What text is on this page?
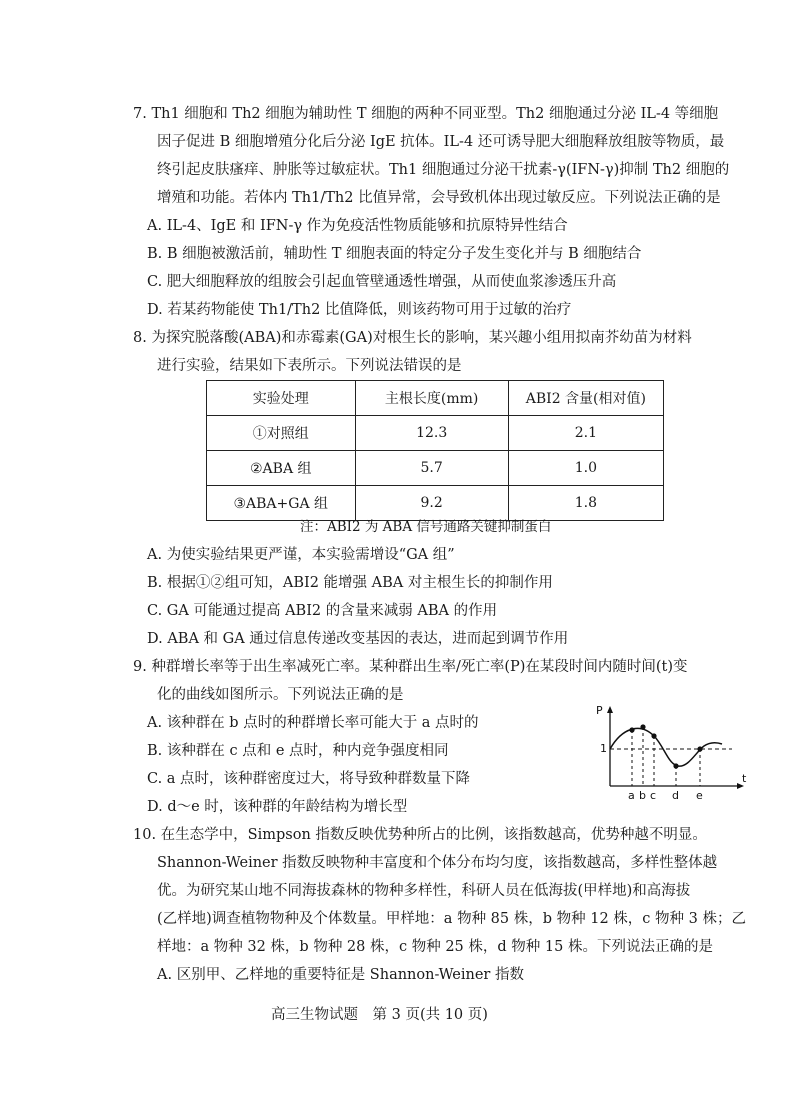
7. Th1 细胞和 Th2 细胞为辅助性 T 细胞的两种不同亚型。Th2 细胞通过分泌 IL-4 等细胞
因子促进 B 细胞增殖分化后分泌 IgE 抗体。IL-4 还可诱导肥大细胞释放组胺等物质，最
终引起皮肤瘙痒、肿胀等过敏症状。Th1 细胞通过分泌干扰素-γ(IFN-γ)抑制 Th2 细胞的
增殖和功能。若体内 Th1/Th2 比值异常，会导致机体出现过敏反应。下列说法正确的是
A. IL-4、IgE 和 IFN-γ 作为免疫活性物质能够和抗原特异性结合
B. B 细胞被激活前，辅助性 T 细胞表面的特定分子发生变化并与 B 细胞结合
C. 肥大细胞释放的组胺会引起血管壁通透性增强，从而使血浆渗透压升高
D. 若某药物能使 Th1/Th2 比值降低，则该药物可用于过敏的治疗
8. 为探究脱落酸(ABA)和赤霉素(GA)对根生长的影响，某兴趣小组用拟南芥幼苗为材料
进行实验，结果如下表所示。下列说法错误的是
实验处理	主根长度(mm)	ABI2 含量(相对值)
①对照组	12.3	2.1
②ABA 组	5.7	1.0
③ABA+GA 组	9.2	1.8
注：ABI2 为 ABA 信号通路关键抑制蛋白
A. 为使实验结果更严谨，本实验需增设“GA 组”
B. 根据①②组可知，ABI2 能增强 ABA 对主根生长的抑制作用
C. GA 可能通过提高 ABI2 的含量来减弱 ABA 的作用
D. ABA 和 GA 通过信息传递改变基因的表达，进而起到调节作用
9. 种群增长率等于出生率减死亡率。某种群出生率/死亡率(P)在某段时间内随时间(t)变
化的曲线如图所示。下列说法正确的是
A. 该种群在 b 点时的种群增长率可能大于 a 点时的
B. 该种群在 c 点和 e 点时，种内竞争强度相同
C. a 点时，该种群密度过大，将导致种群数量下降
D. d～e 时，该种群的年龄结构为增长型
P
t
1
a b c d e
10. 在生态学中，Simpson 指数反映优势种所占的比例，该指数越高，优势种越不明显。
Shannon-Weiner 指数反映物种丰富度和个体分布均匀度，该指数越高，多样性整体越
优。为研究某山地不同海拔森林的物种多样性，科研人员在低海拔(甲样地)和高海拔
(乙样地)调查植物物种及个体数量。甲样地：a 物种 85 株，b 物种 12 株，c 物种 3 株；乙
样地：a 物种 32 株，b 物种 28 株，c 物种 25 株，d 物种 15 株。下列说法正确的是
A. 区别甲、乙样地的重要特征是 Shannon-Weiner 指数
高三生物试题　第 3 页(共 10 页)
